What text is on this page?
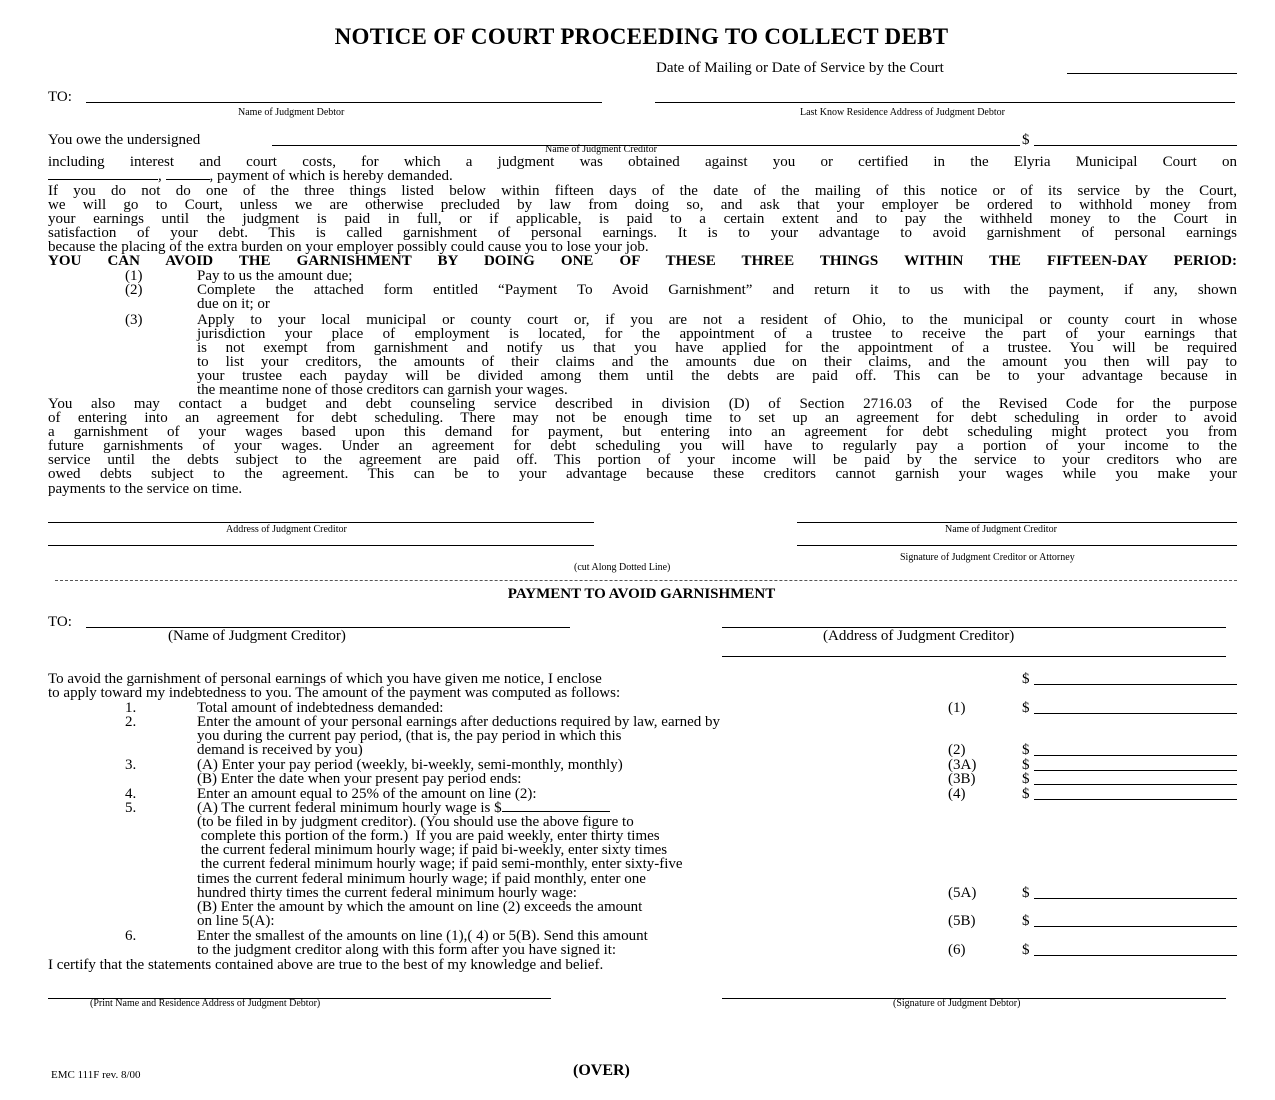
NOTICE OF COURT PROCEEDING TO COLLECT DEBT
Date of Mailing or Date of Service by the Court
TO:
Name of Judgment Debtor	Last Know Residence Address of Judgment Debtor
You owe the undersigned	$
Name of Judgment Creditor
including interest and court costs, for which a judgment was obtained against you or certified in the Elyria Municipal Court on
,	, payment of which is hereby demanded.
If you do not do one of the three things listed below within fifteen days of the date of the mailing of this notice or of its service by the Court,
we will go to Court, unless we are otherwise precluded by law from doing so, and ask that your employer be ordered to withhold money from
your earnings until the judgment is paid in full, or if applicable, is paid to a certain extent and to pay the withheld money to the Court in
satisfaction of your debt. This is called garnishment of personal earnings. It is to your advantage to avoid garnishment of personal earnings
because the placing of the extra burden on your employer possibly could cause you to lose your job.
YOU CAN AVOID THE GARNISHMENT BY DOING ONE OF THESE THREE THINGS WITHIN THE FIFTEEN-DAY PERIOD:
(1)	Pay to us the amount due;
(2)	Complete the attached form entitled “Payment To Avoid Garnishment” and return it to us with the payment, if any, shown
due on it; or
(3)	Apply to your local municipal or county court or, if you are not a resident of Ohio, to the municipal or county court in whose
jurisdiction your place of employment is located, for the appointment of a trustee to receive the part of your earnings that
is not exempt from garnishment and notify us that you have applied for the appointment of a trustee. You will be required
to list your creditors, the amounts of their claims and the amounts due on their claims, and the amount you then will pay to
your trustee each payday will be divided among them until the debts are paid off. This can be to your advantage because in
the meantime none of those creditors can garnish your wages.
You also may contact a budget and debt counseling service described in division (D) of Section 2716.03 of the Revised Code for the purpose
of entering into an agreement for debt scheduling. There may not be enough time to set up an agreement for debt scheduling in order to avoid
a garnishment of your wages based upon this demand for payment, but entering into an agreement for debt scheduling might protect you from
future garnishments of your wages. Under an agreement for debt scheduling you will have to regularly pay a portion of your income to the
service until the debts subject to the agreement are paid off. This portion of your income will be paid by the service to your creditors who are
owed debts subject to the agreement. This can be to your advantage because these creditors cannot garnish your wages while you make your
payments to the service on time.
Address of Judgment Creditor	Name of Judgment Creditor
Signature of Judgment Creditor or Attorney
(cut Along Dotted Line)
PAYMENT TO AVOID GARNISHMENT
TO:
(Name of Judgment Creditor)	(Address of Judgment Creditor)
To avoid the garnishment of personal earnings of which you have given me notice, I enclose
to apply toward my indebtedness to you. The amount of the payment was computed as follows:
$
1.	Total amount of indebtedness demanded:	(1)	$
2.	Enter the amount of your personal earnings after deductions required by law, earned by
you during the current pay period, (that is, the pay period in which this
demand is received by you)	(2)	$
3.	(A) Enter your pay period (weekly, bi-weekly, semi-monthly, monthly)	(3A)	$
(B) Enter the date when your present pay period ends:	(3B)	$
4.	Enter an amount equal to 25% of the amount on line (2):	(4)	$
5.	(A) The current federal minimum hourly wage is $
(to be filed in by judgment creditor). (You should use the above figure to
complete this portion of the form.)  If you are paid weekly, enter thirty times
the current federal minimum hourly wage; if paid bi-weekly, enter sixty times
the current federal minimum hourly wage; if paid semi-monthly, enter sixty-five
times the current federal minimum hourly wage; if paid monthly, enter one
hundred thirty times the current federal minimum hourly wage:	(5A)	$
(B) Enter the amount by which the amount on line (2) exceeds the amount
on line 5(A):	(5B)	$
6.	Enter the smallest of the amounts on line (1),( 4) or 5(B). Send this amount
to the judgment creditor along with this form after you have signed it:	(6)	$
I certify that the statements contained above are true to the best of my knowledge and belief.
(Print Name and Residence Address of Judgment Debtor)	(Signature of Judgment Debtor)
EMC 111F rev. 8/00	(OVER)
